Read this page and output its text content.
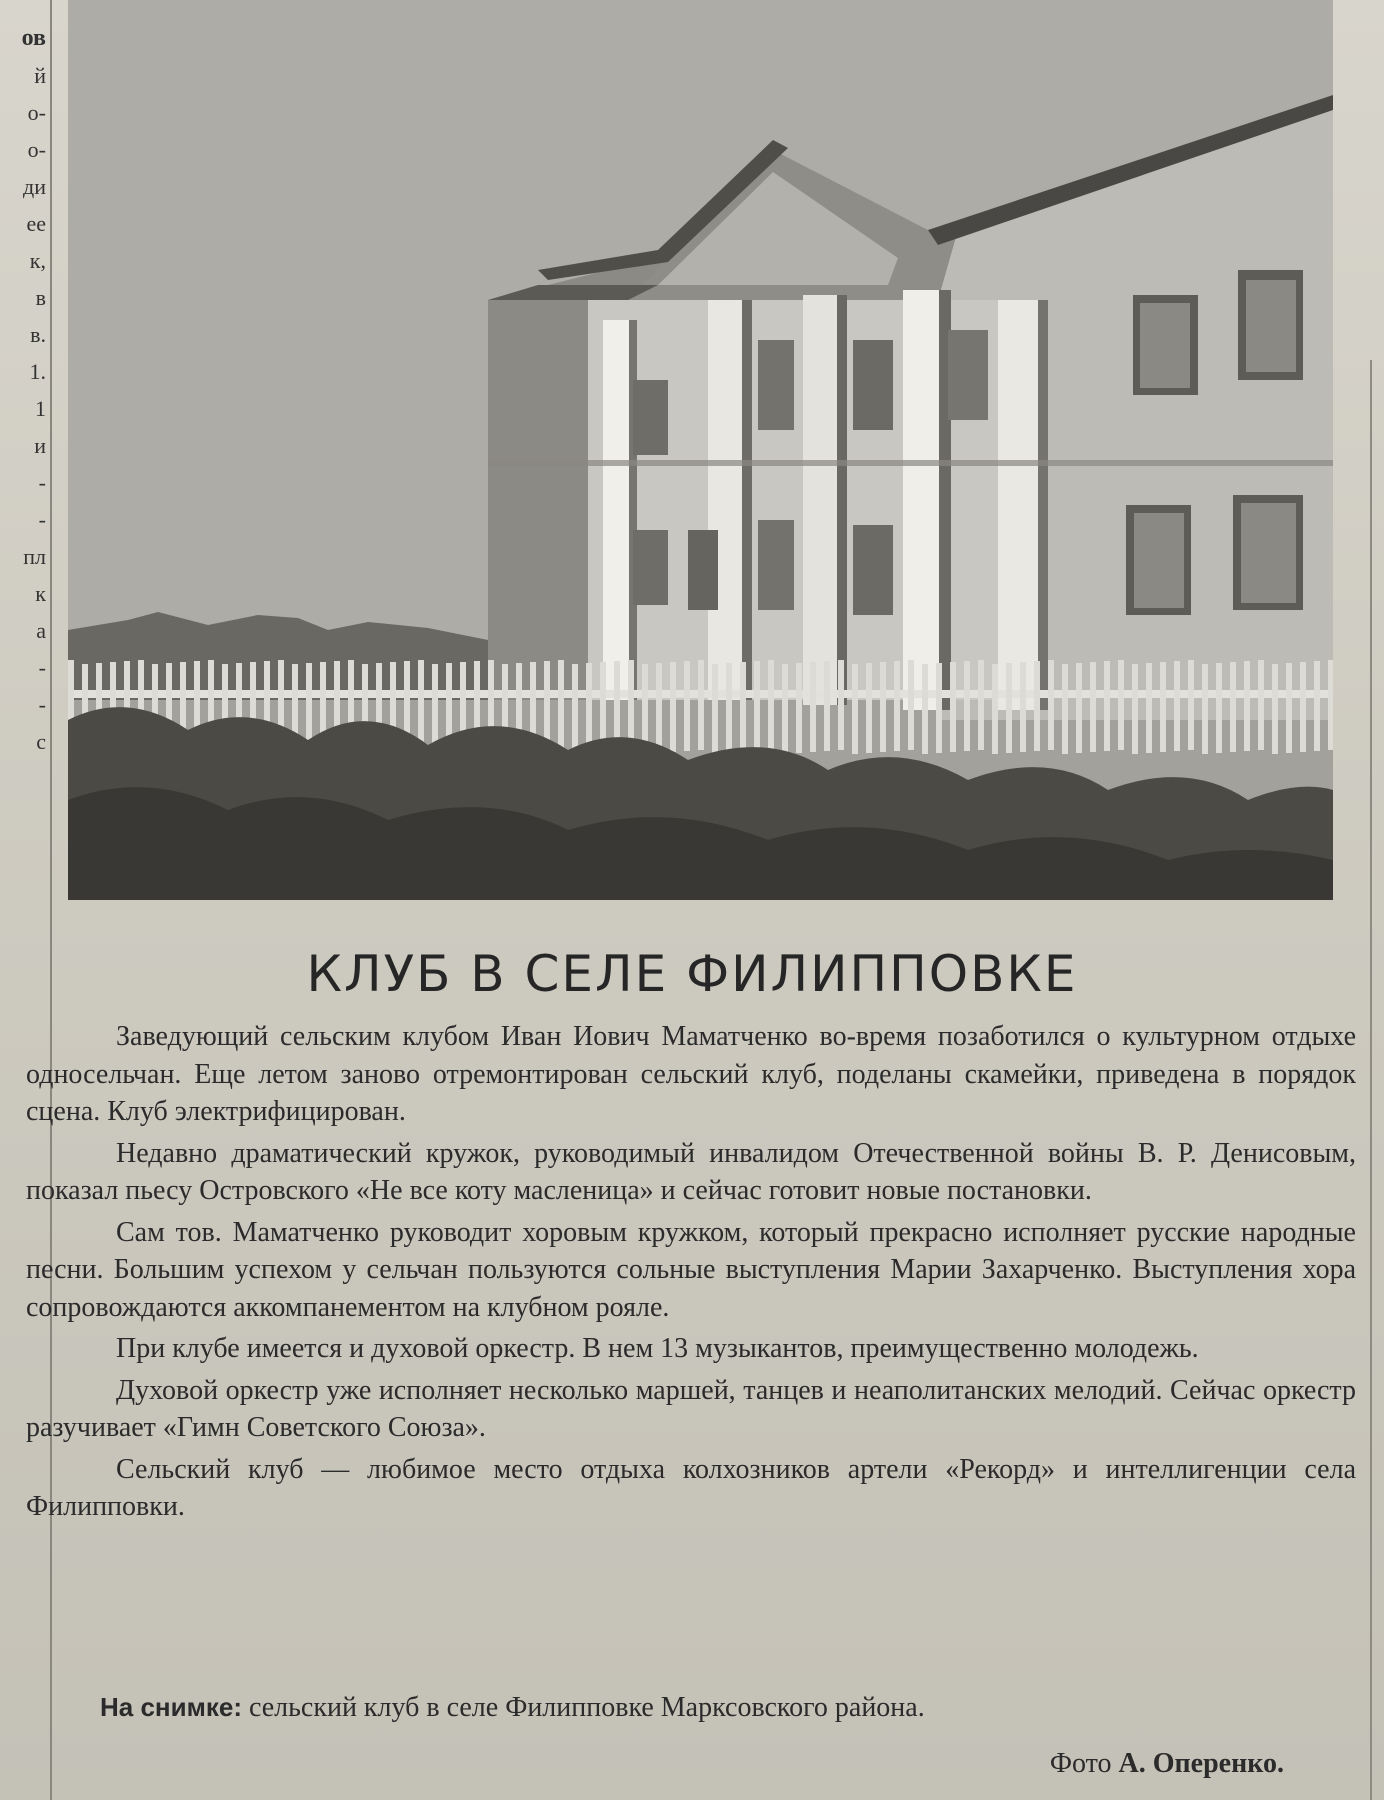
ов
й
о-
о-
ди
ее
к,
в
в.
1.
1
и
-
-
пл
к
а
-
-
с
КЛУБ В СЕЛЕ ФИЛИППОВКЕ

Заведующий сельским клубом Иван Иович Маматченко во-время позаботился о культурном отдыхе односельчан. Еще летом заново отремонтирован сельский клуб, поделаны скамейки, приведена в порядок сцена. Клуб электрифицирован.

Недавно драматический кружок, руководимый инвалидом Отечественной войны В. Р. Денисовым, показал пьесу Островского «Не все коту масленица» и сейчас готовит новые постановки.

Сам тов. Маматченко руководит хоровым кружком, который прекрасно исполняет русские народные песни. Большим успехом у сельчан пользуются сольные выступления Марии Захарченко. Выступления хора сопровождаются аккомпанементом на клубном рояле.

При клубе имеется и духовой оркестр. В нем 13 музыкантов, преимущественно молодежь.

Духовой оркестр уже исполняет несколько маршей, танцев и неаполитанских мелодий. Сейчас оркестр разучивает «Гимн Советского Союза».

Сельский клуб — любимое место отдыха колхозников артели «Рекорд» и интеллигенции села Филипповки.

На снимке: сельский клуб в селе Филипповке Марксовского района.
Фото А. Оперенко.
